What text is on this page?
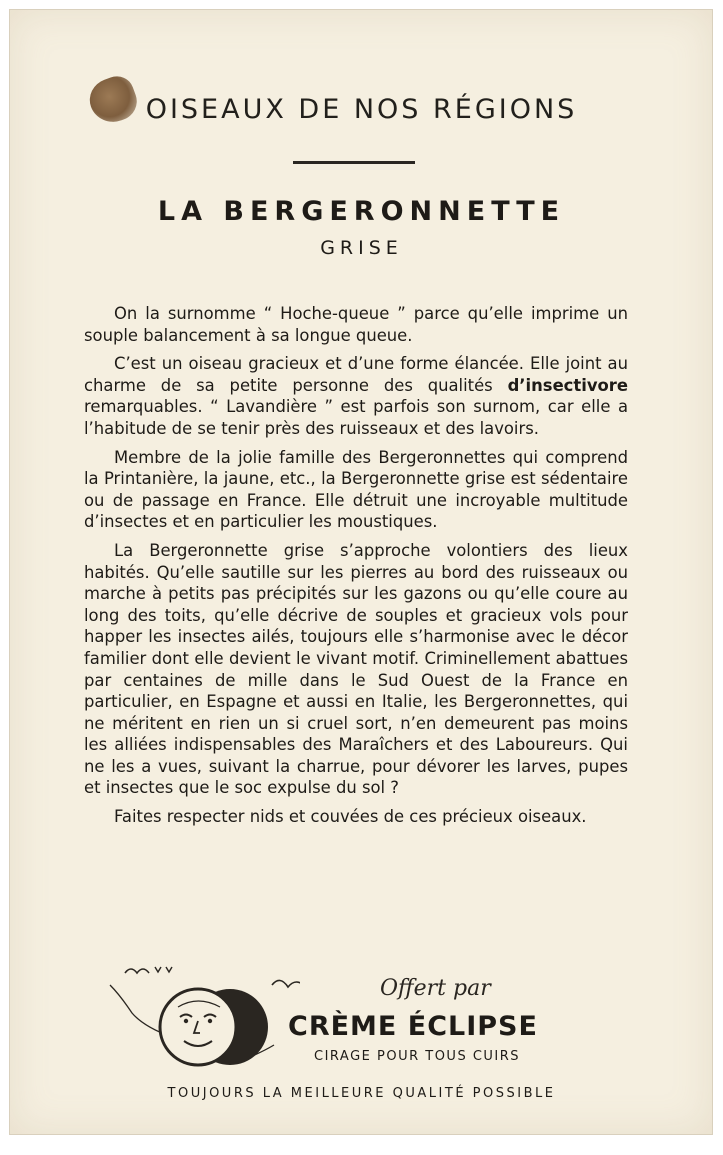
OISEAUX DE NOS RÉGIONS
LA BERGERONNETTE
GRISE

On la surnomme “ Hoche-queue ” parce qu’elle imprime un souple balancement à sa longue queue.

C’est un oiseau gracieux et d’une forme élancée. Elle joint au charme de sa petite personne des qualités d’insectivore remarquables. “ Lavandière ” est parfois son surnom, car elle a l’habitude de se tenir près des ruisseaux et des lavoirs.

Membre de la jolie famille des Bergeronnettes qui comprend la Printanière, la jaune, etc., la Bergeronnette grise est sédentaire ou de passage en France. Elle détruit une incroyable multitude d’insectes et en particulier les moustiques.

La Bergeronnette grise s’approche volontiers des lieux habités. Qu’elle sautille sur les pierres au bord des ruisseaux ou marche à petits pas précipités sur les gazons ou qu’elle coure au long des toits, qu’elle décrive de souples et gracieux vols pour happer les insectes ailés, toujours elle s’harmonise avec le décor familier dont elle devient le vivant motif. Criminellement abattues par centaines de mille dans le Sud Ouest de la France en particulier, en Espagne et aussi en Italie, les Bergeronnettes, qui ne méritent en rien un si cruel sort, n’en demeurent pas moins les alliées indispensables des Maraîchers et des Laboureurs. Qui ne les a vues, suivant la charrue, pour dévorer les larves, pupes et insectes que le soc expulse du sol ?

Faites respecter nids et couvées de ces précieux oiseaux.

Offert par
CRÈME ÉCLIPSE
CIRAGE POUR TOUS CUIRS
TOUJOURS LA MEILLEURE QUALITÉ POSSIBLE
